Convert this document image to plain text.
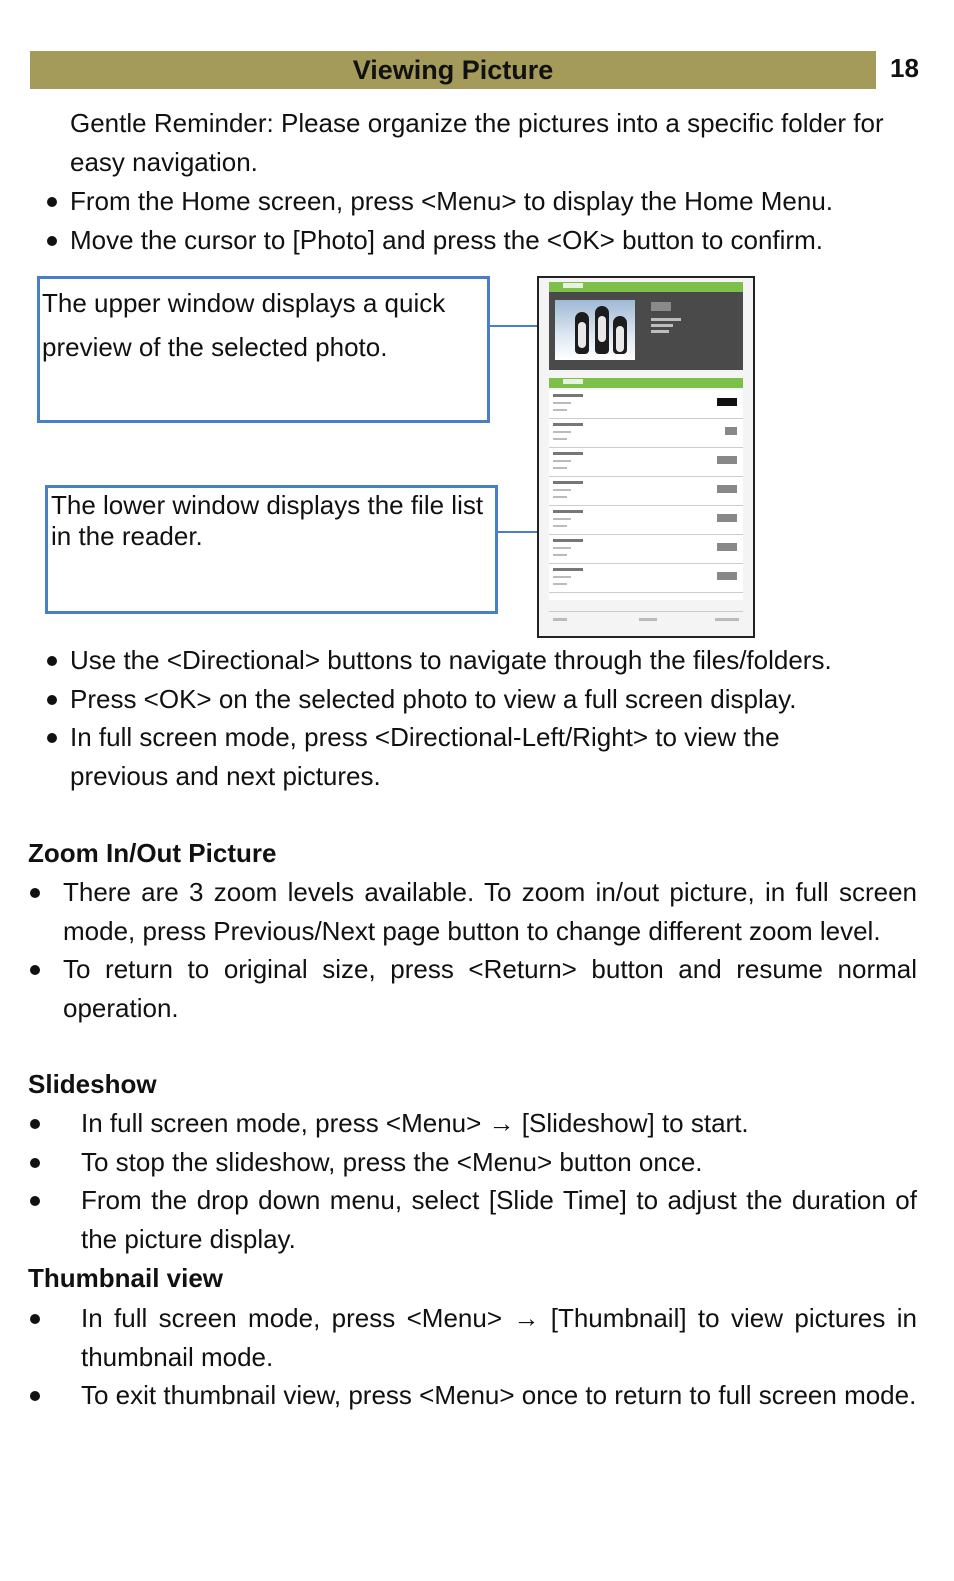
Viewing Picture	18
Gentle Reminder: Please organize the pictures into a specific folder for easy navigation.
From the Home screen, press <Menu> to display the Home Menu.
Move the cursor to [Photo] and press the <OK> button to confirm.
The upper window displays a quick preview of the selected photo.
The lower window displays the file list in the reader.
Use the <Directional> buttons to navigate through the files/folders.
Press <OK> on the selected photo to view a full screen display.
In full screen mode, press <Directional-Left/Right> to view the previous and next pictures.
Zoom In/Out Picture
There are 3 zoom levels available. To zoom in/out picture, in full screen mode, press Previous/Next page button to change different zoom level.
To return to original size, press <Return> button and resume normal operation.
Slideshow
In full screen mode, press <Menu> → [Slideshow] to start.
To stop the slideshow, press the <Menu> button once.
From the drop down menu, select [Slide Time] to adjust the duration of the picture display.
Thumbnail view
In full screen mode, press <Menu> → [Thumbnail] to view pictures in thumbnail mode.
To exit thumbnail view, press <Menu> once to return to full screen mode.
